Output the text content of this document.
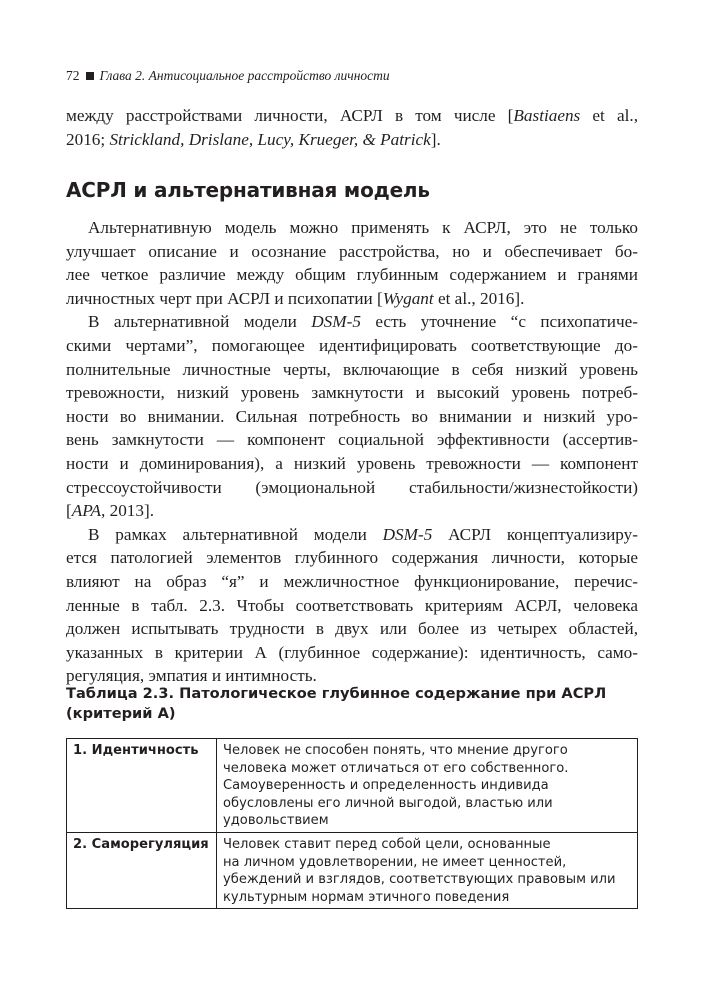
72 Глава 2. Антисоциальное расстройство личности
между расстройствами личности, АСРЛ в том числе [Bastiaens et al.,
2016; Strickland, Drislane, Lucy, Krueger, & Patrick].
АСРЛ и альтернативная модель
Альтернативную модель можно применять к АСРЛ, это не только
улучшает описание и осознание расстройства, но и обеспечивает бо-
лее четкое различие между общим глубинным содержанием и гранями
личностных черт при АСРЛ и психопатии [Wygant et al., 2016].
В альтернативной модели DSM-5 есть уточнение “с психопатиче-
скими чертами”, помогающее идентифицировать соответствующие до-
полнительные личностные черты, включающие в себя низкий уровень
тревожности, низкий уровень замкнутости и высокий уровень потреб-
ности во внимании. Сильная потребность во внимании и низкий уро-
вень замкнутости — компонент социальной эффективности (ассертив-
ности и доминирования), а низкий уровень тревожности — компонент
стрессоустойчивости (эмоциональной стабильности/жизнестойкости)
[APA, 2013].
В рамках альтернативной модели DSM-5 АСРЛ концептуализиру-
ется патологией элементов глубинного содержания личности, которые
влияют на образ “я” и межличностное функционирование, перечис-
ленные в табл. 2.3. Чтобы соответствовать критериям АСРЛ, человека
должен испытывать трудности в двух или более из четырех областей,
указанных в критерии А (глубинное содержание): идентичность, само-
регуляция, эмпатия и интимность.
Таблица 2.3. Патологическое глубинное содержание при АСРЛ
(критерий А)
1. Идентичность	Человек не способен понять, что мнение другого
человека может отличаться от его собственного.
Самоуверенность и определенность индивида
обусловлены его личной выгодой, властью или
удовольствием

2. Саморегуляция	Человек ставит перед собой цели, основанные
на личном удовлетворении, не имеет ценностей,
убеждений и взглядов, соответствующих правовым или
культурным нормам этичного поведения
